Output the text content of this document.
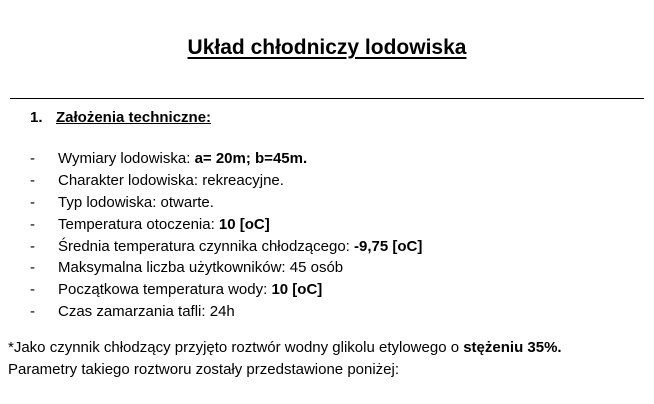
Układ chłodniczy lodowiska
1. Założenia techniczne:
- Wymiary lodowiska: a= 20m; b=45m.
- Charakter lodowiska: rekreacyjne.
- Typ lodowiska: otwarte.
- Temperatura otoczenia: 10 [oC]
- Średnia temperatura czynnika chłodzącego: -9,75 [oC]
- Maksymalna liczba użytkowników: 45 osób
- Początkowa temperatura wody: 10 [oC]
- Czas zamarzania tafli: 24h
*Jako czynnik chłodzący przyjęto roztwór wodny glikolu etylowego o stężeniu 35%.
Parametry takiego roztworu zostały przedstawione poniżej:
